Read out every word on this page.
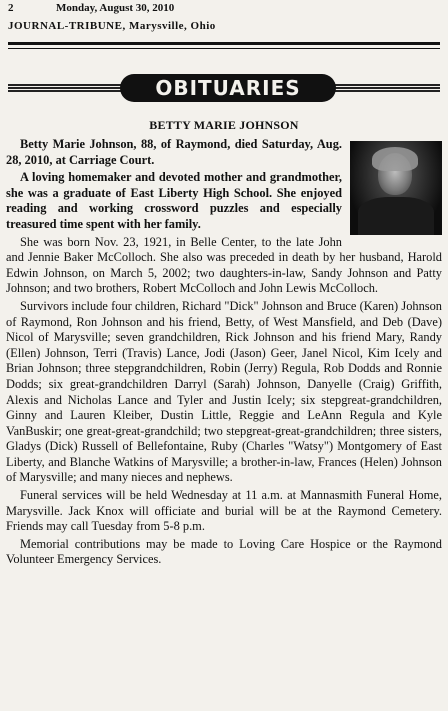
2	Monday, August 30, 2010
JOURNAL-TRIBUNE, Marysville, Ohio
OBITUARIES
BETTY MARIE JOHNSON

Betty Marie Johnson, 88, of Raymond, died Saturday, Aug. 28, 2010, at Carriage Court.

A loving homemaker and devoted mother and grandmother, she was a graduate of East Liberty High School. She enjoyed reading and working crossword puzzles and especially treasured time spent with her family.

She was born Nov. 23, 1921, in Belle Center, to the late John and Jennie Baker McColloch. She also was preceded in death by her husband, Harold Edwin Johnson, on March 5, 2002; two daughters-in-law, Sandy Johnson and Patty Johnson; and two brothers, Robert McColloch and John Lewis McColloch.

Survivors include four children, Richard "Dick" Johnson and Bruce (Karen) Johnson of Raymond, Ron Johnson and his friend, Betty, of West Mansfield, and Deb (Dave) Nicol of Marysville; seven grandchildren, Rick Johnson and his friend Mary, Randy (Ellen) Johnson, Terri (Travis) Lance, Jodi (Jason) Geer, Janel Nicol, Kim Icely and Brian Johnson; three stepgrandchildren, Robin (Jerry) Regula, Rob Dodds and Ronnie Dodds; six great-grandchildren Darryl (Sarah) Johnson, Danyelle (Craig) Griffith, Alexis and Nicholas Lance and Tyler and Justin Icely; six stepgreat-grandchildren, Ginny and Lauren Kleiber, Dustin Little, Reggie and LeAnn Regula and Kyle VanBuskir; one great-great-grandchild; two stepgreat-great-grandchildren; three sisters, Gladys (Dick) Russell of Bellefontaine, Ruby (Charles "Watsy") Montgomery of East Liberty, and Blanche Watkins of Marysville; a brother-in-law, Frances (Helen) Johnson of Marysville; and many nieces and nephews.

Funeral services will be held Wednesday at 11 a.m. at Mannasmith Funeral Home, Marysville. Jack Knox will officiate and burial will be at the Raymond Cemetery. Friends may call Tuesday from 5-8 p.m.

Memorial contributions may be made to Loving Care Hospice or the Raymond Volunteer Emergency Services.
